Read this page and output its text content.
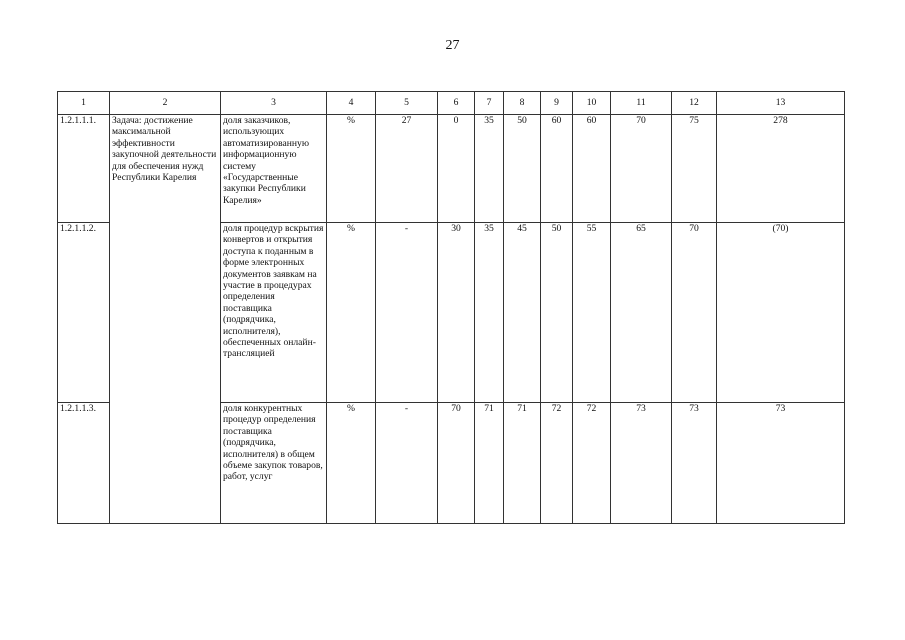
27
1	2	3	4	5	6	7	8	9	10	11	12	13
1.2.1.1.1.	Задача: достижение максимальной эффективности закупочной деятельности для обеспечения нужд Республики Карелия	доля заказчиков, использующих автоматизированную информационную систему «Государственные закупки Республики Карелия»	%	27	0	35	50	60	60	70	75	278
1.2.1.1.2.		доля процедур вскрытия конвертов и открытия доступа к поданным в форме электронных документов заявкам на участие в процедурах определения поставщика (подрядчика, исполнителя), обеспеченных онлайн-трансляцией	%	-	30	35	45	50	55	65	70	(70)
1.2.1.1.3.		доля конкурентных процедур определения поставщика (подрядчика, исполнителя) в общем объеме закупок товаров, работ, услуг	%	-	70	71	71	72	72	73	73	73
